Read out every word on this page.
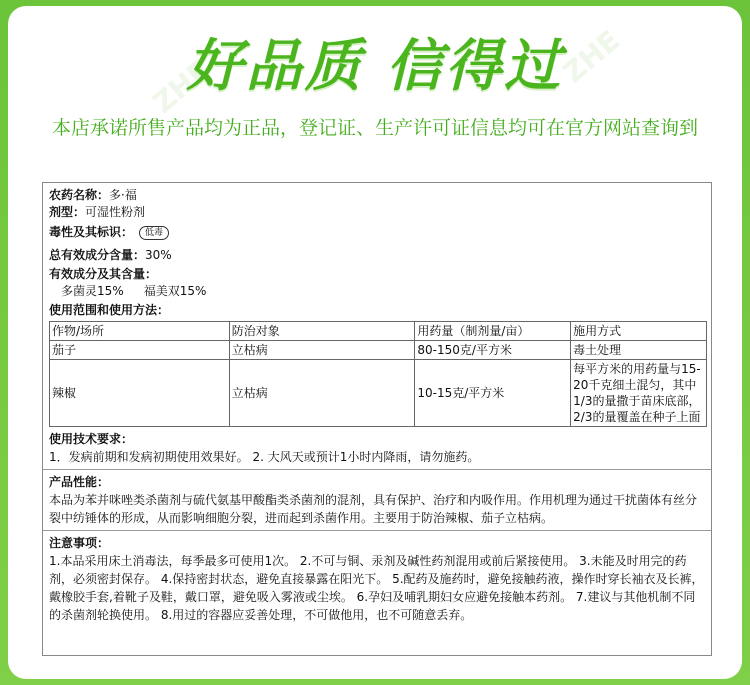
好品质 信得过
本店承诺所售产品均为正品，登记证、生产许可证信息均可在官方网站查询到

农药名称：多·福

剂型：可湿性粉剂

毒性及其标识： 低毒

总有效成分含量：30%

有效成分及其含量：

多菌灵15% 福美双15%

使用范围和使用方法：

作物/场所	防治对象	用药量（制剂量/亩）	施用方式
茄子	立枯病	80-150克/平方米	毒土处理
辣椒	立枯病	10-15克/平方米	每平方米的用药量与15-20千克细土混匀，其中1/3的量撒于苗床底部，2/3的量覆盖在种子上面
使用技术要求：
1．发病前期和发病初期使用效果好。 2. 大风天或预计1小时内降雨，请勿施药。
产品性能：
本品为苯并咪唑类杀菌剂与硫代氨基甲酸酯类杀菌剂的混剂，具有保护、治疗和内吸作用。作用机理为通过干扰菌体有丝分裂中纺锤体的形成，从而影响细胞分裂，进而起到杀菌作用。主要用于防治辣椒、茄子立枯病。
注意事项：
1.本品采用床土消毒法，每季最多可使用1次。 2.不可与铜、汞剂及碱性药剂混用或前后紧接使用。 3.未能及时用完的药剂，必须密封保存。 4.保持密封状态，避免直接暴露在阳光下。 5.配药及施药时，避免接触药液，操作时穿长袖衣及长裤，戴橡胶手套,着靴子及鞋，戴口罩，避免吸入雾液或尘埃。 6.孕妇及哺乳期妇女应避免接触本药剂。 7.建议与其他机制不同的杀菌剂轮换使用。 8.用过的容器应妥善处理，不可做他用，也不可随意丢弃。
